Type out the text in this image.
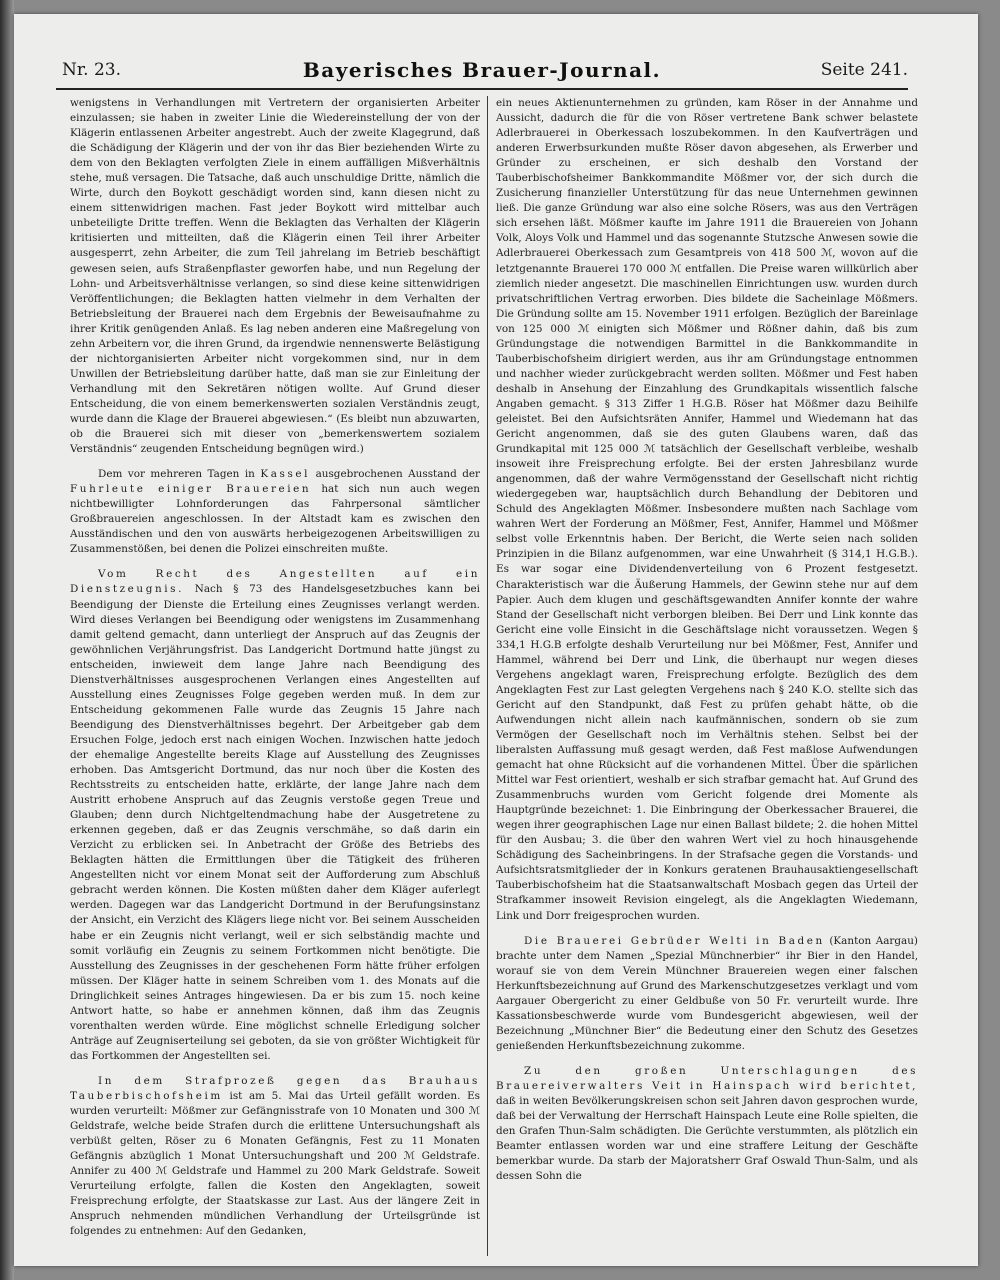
Nr. 23.	Bayerisches Brauer-Journal.	Seite 241.

wenigstens in Verhandlungen mit Vertretern der organisierten Arbeiter einzulassen; sie haben in zweiter Linie die Wiedereinstellung der von der Klägerin entlassenen Arbeiter angestrebt. Auch der zweite Klagegrund, daß die Schädigung der Klägerin und der von ihr das Bier beziehenden Wirte zu dem von den Beklagten verfolgten Ziele in einem auffälligen Mißverhältnis stehe, muß versagen. Die Tatsache, daß auch unschuldige Dritte, nämlich die Wirte, durch den Boykott geschädigt worden sind, kann diesen nicht zu einem sittenwidrigen machen. Fast jeder Boykott wird mittelbar auch unbeteiligte Dritte treffen. Wenn die Beklagten das Verhalten der Klägerin kritisierten und mitteilten, daß die Klägerin einen Teil ihrer Arbeiter ausgesperrt, zehn Arbeiter, die zum Teil jahrelang im Betrieb beschäftigt gewesen seien, aufs Straßenpflaster geworfen habe, und nun Regelung der Lohn- und Arbeitsverhältnisse verlangen, so sind diese keine sittenwidrigen Veröffentlichungen; die Beklagten hatten vielmehr in dem Verhalten der Betriebsleitung der Brauerei nach dem Ergebnis der Beweisaufnahme zu ihrer Kritik genügenden Anlaß. Es lag neben anderen eine Maßregelung von zehn Arbeitern vor, die ihren Grund, da irgendwie nennenswerte Belästigung der nichtorganisierten Arbeiter nicht vorgekommen sind, nur in dem Unwillen der Betriebsleitung darüber hatte, daß man sie zur Einleitung der Verhandlung mit den Sekretären nötigen wollte. Auf Grund dieser Entscheidung, die von einem bemerkenswerten sozialen Verständnis zeugt, wurde dann die Klage der Brauerei abgewiesen.“ (Es bleibt nun abzuwarten, ob die Brauerei sich mit dieser von „bemerkenswertem sozialem Verständnis“ zeugenden Entscheidung begnügen wird.)

Dem vor mehreren Tagen in Kassel ausgebrochenen Ausstand der Fuhrleute einiger Brauereien hat sich nun auch wegen nichtbewilligter Lohnforderungen das Fahrpersonal sämtlicher Großbrauereien angeschlossen. In der Altstadt kam es zwischen den Ausständischen und den von auswärts herbeigezogenen Arbeitswilligen zu Zusammenstößen, bei denen die Polizei einschreiten mußte.

Vom Recht des Angestellten auf ein Dienstzeugnis. Nach § 73 des Handelsgesetzbuches kann bei Beendigung der Dienste die Erteilung eines Zeugnisses verlangt werden. Wird dieses Verlangen bei Beendigung oder wenigstens im Zusammenhang damit geltend gemacht, dann unterliegt der Anspruch auf das Zeugnis der gewöhnlichen Verjährungsfrist. Das Landgericht Dortmund hatte jüngst zu entscheiden, inwieweit dem lange Jahre nach Beendigung des Dienstverhältnisses ausgesprochenen Verlangen eines Angestellten auf Ausstellung eines Zeugnisses Folge gegeben werden muß. In dem zur Entscheidung gekommenen Falle wurde das Zeugnis 15 Jahre nach Beendigung des Dienstverhältnisses begehrt. Der Arbeitgeber gab dem Ersuchen Folge, jedoch erst nach einigen Wochen. Inzwischen hatte jedoch der ehemalige Angestellte bereits Klage auf Ausstellung des Zeugnisses erhoben. Das Amtsgericht Dortmund, das nur noch über die Kosten des Rechtsstreits zu entscheiden hatte, erklärte, der lange Jahre nach dem Austritt erhobene Anspruch auf das Zeugnis verstoße gegen Treue und Glauben; denn durch Nichtgeltendmachung habe der Ausgetretene zu erkennen gegeben, daß er das Zeugnis verschmähe, so daß darin ein Verzicht zu erblicken sei. In Anbetracht der Größe des Betriebs des Beklagten hätten die Ermittlungen über die Tätigkeit des früheren Angestellten nicht vor einem Monat seit der Aufforderung zum Abschluß gebracht werden können. Die Kosten müßten daher dem Kläger auferlegt werden. Dagegen war das Landgericht Dortmund in der Berufungsinstanz der Ansicht, ein Verzicht des Klägers liege nicht vor. Bei seinem Ausscheiden habe er ein Zeugnis nicht verlangt, weil er sich selbständig machte und somit vorläufig ein Zeugnis zu seinem Fortkommen nicht benötigte. Die Ausstellung des Zeugnisses in der geschehenen Form hätte früher erfolgen müssen. Der Kläger hatte in seinem Schreiben vom 1. des Monats auf die Dringlichkeit seines Antrages hingewiesen. Da er bis zum 15. noch keine Antwort hatte, so habe er annehmen können, daß ihm das Zeugnis vorenthalten werden würde. Eine möglichst schnelle Erledigung solcher Anträge auf Zeugniserteilung sei geboten, da sie von größter Wichtigkeit für das Fortkommen der Angestellten sei.

In dem Strafprozeß gegen das Brauhaus Tauberbischofsheim ist am 5. Mai das Urteil gefällt worden. Es wurden verurteilt: Mößmer zur Gefängnisstrafe von 10 Monaten und 300 ℳ Geldstrafe, welche beide Strafen durch die erlittene Untersuchungshaft als verbüßt gelten, Röser zu 6 Monaten Gefängnis, Fest zu 11 Monaten Gefängnis abzüglich 1 Monat Untersuchungshaft und 200 ℳ Geldstrafe. Annifer zu 400 ℳ Geldstrafe und Hammel zu 200 Mark Geldstrafe. Soweit Verurteilung erfolgte, fallen die Kosten den Angeklagten, soweit Freisprechung erfolgte, der Staatskasse zur Last. Aus der längere Zeit in Anspruch nehmenden mündlichen Verhandlung der Urteilsgründe ist folgendes zu entnehmen: Auf den Gedanken,

ein neues Aktienunternehmen zu gründen, kam Röser in der Annahme und Aussicht, dadurch die für die von Röser vertretene Bank schwer belastete Adlerbrauerei in Oberkessach loszubekommen. In den Kaufverträgen und anderen Erwerbsurkunden mußte Röser davon abgesehen, als Erwerber und Gründer zu erscheinen, er sich deshalb den Vorstand der Tauberbischofsheimer Bankkommandite Mößmer vor, der sich durch die Zusicherung finanzieller Unterstützung für das neue Unternehmen gewinnen ließ. Die ganze Gründung war also eine solche Rösers, was aus den Verträgen sich ersehen läßt. Mößmer kaufte im Jahre 1911 die Brauereien von Johann Volk, Aloys Volk und Hammel und das sogenannte Stutzsche Anwesen sowie die Adlerbrauerei Oberkessach zum Gesamtpreis von 418 500 ℳ, wovon auf die letztgenannte Brauerei 170 000 ℳ entfallen. Die Preise waren willkürlich aber ziemlich nieder angesetzt. Die maschinellen Einrichtungen usw. wurden durch privatschriftlichen Vertrag erworben. Dies bildete die Sacheinlage Mößmers. Die Gründung sollte am 15. November 1911 erfolgen. Bezüglich der Bareinlage von 125 000 ℳ einigten sich Mößmer und Rößner dahin, daß bis zum Gründungstage die notwendigen Barmittel in die Bankkommandite in Tauberbischofsheim dirigiert werden, aus ihr am Gründungstage entnommen und nachher wieder zurückgebracht werden sollten. Mößmer und Fest haben deshalb in Ansehung der Einzahlung des Grundkapitals wissentlich falsche Angaben gemacht. § 313 Ziffer 1 H.G.B. Röser hat Mößmer dazu Beihilfe geleistet. Bei den Aufsichtsräten Annifer, Hammel und Wiedemann hat das Gericht angenommen, daß sie des guten Glaubens waren, daß das Grundkapital mit 125 000 ℳ tatsächlich der Gesellschaft verbleibe, weshalb insoweit ihre Freisprechung erfolgte. Bei der ersten Jahresbilanz wurde angenommen, daß der wahre Vermögensstand der Gesellschaft nicht richtig wiedergegeben war, hauptsächlich durch Behandlung der Debitoren und Schuld des Angeklagten Mößmer. Insbesondere mußten nach Sachlage vom wahren Wert der Forderung an Mößmer, Fest, Annifer, Hammel und Mößmer selbst volle Erkenntnis haben. Der Bericht, die Werte seien nach soliden Prinzipien in die Bilanz aufgenommen, war eine Unwahrheit (§ 314,1 H.G.B.). Es war sogar eine Dividendenverteilung von 6 Prozent festgesetzt. Charakteristisch war die Äußerung Hammels, der Gewinn stehe nur auf dem Papier. Auch dem klugen und geschäftsgewandten Annifer konnte der wahre Stand der Gesellschaft nicht verborgen bleiben. Bei Derr und Link konnte das Gericht eine volle Einsicht in die Geschäftslage nicht voraussetzen. Wegen § 334,1 H.G.B erfolgte deshalb Verurteilung nur bei Mößmer, Fest, Annifer und Hammel, während bei Derr und Link, die überhaupt nur wegen dieses Vergehens angeklagt waren, Freisprechung erfolgte. Bezüglich des dem Angeklagten Fest zur Last gelegten Vergehens nach § 240 K.O. stellte sich das Gericht auf den Standpunkt, daß Fest zu prüfen gehabt hätte, ob die Aufwendungen nicht allein nach kaufmännischen, sondern ob sie zum Vermögen der Gesellschaft noch im Verhältnis stehen. Selbst bei der liberalsten Auffassung muß gesagt werden, daß Fest maßlose Aufwendungen gemacht hat ohne Rücksicht auf die vorhandenen Mittel. Über die spärlichen Mittel war Fest orientiert, weshalb er sich strafbar gemacht hat. Auf Grund des Zusammenbruchs wurden vom Gericht folgende drei Momente als Hauptgründe bezeichnet: 1. Die Einbringung der Oberkessacher Brauerei, die wegen ihrer geographischen Lage nur einen Ballast bildete; 2. die hohen Mittel für den Ausbau; 3. die über den wahren Wert viel zu hoch hinausgehende Schädigung des Sacheinbringens. In der Strafsache gegen die Vorstands- und Aufsichtsratsmitglieder der in Konkurs geratenen Brauhausaktiengesellschaft Tauberbischofsheim hat die Staatsanwaltschaft Mosbach gegen das Urteil der Strafkammer insoweit Revision eingelegt, als die Angeklagten Wiedemann, Link und Dorr freigesprochen wurden.

Die Brauerei Gebrüder Welti in Baden (Kanton Aargau) brachte unter dem Namen „Spezial Münchnerbier“ ihr Bier in den Handel, worauf sie von dem Verein Münchner Brauereien wegen einer falschen Herkunftsbezeichnung auf Grund des Markenschutzgesetzes verklagt und vom Aargauer Obergericht zu einer Geldbuße von 50 Fr. verurteilt wurde. Ihre Kassationsbeschwerde wurde vom Bundesgericht abgewiesen, weil der Bezeichnung „Münchner Bier“ die Bedeutung einer den Schutz des Gesetzes genießenden Herkunftsbezeichnung zukomme.

Zu den großen Unterschlagungen des Brauereiverwalters Veit in Hainspach wird berichtet, daß in weiten Bevölkerungskreisen schon seit Jahren davon gesprochen wurde, daß bei der Verwaltung der Herrschaft Hainspach Leute eine Rolle spielten, die den Grafen Thun-Salm schädigten. Die Gerüchte verstummten, als plötzlich ein Beamter entlassen worden war und eine straffere Leitung der Geschäfte bemerkbar wurde. Da starb der Majoratsherr Graf Oswald Thun-Salm, und als dessen Sohn die
